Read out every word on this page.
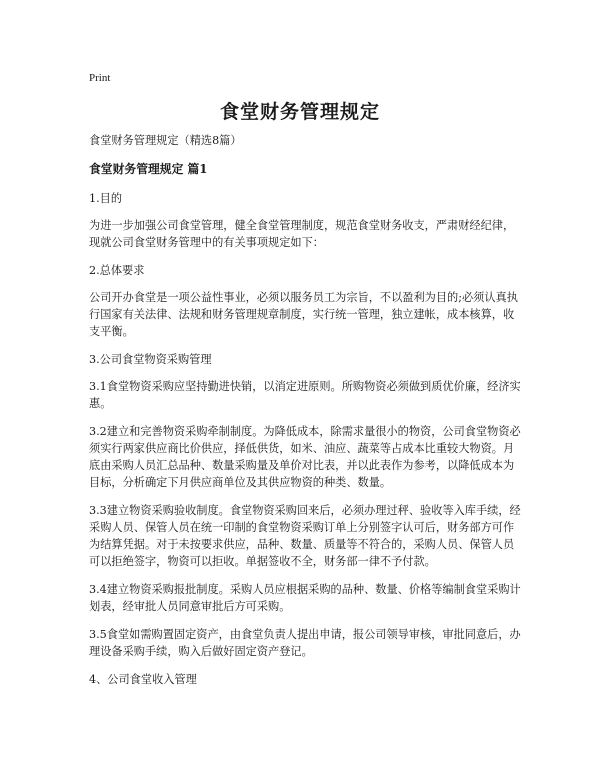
Print
食堂财务管理规定

食堂财务管理规定（精选8篇）

食堂财务管理规定 篇1

1.目的

为进一步加强公司食堂管理，健全食堂管理制度，规范食堂财务收支，严肃财经纪律，现就公司食堂财务管理中的有关事项规定如下：

2.总体要求

公司开办食堂是一项公益性事业，必须以服务员工为宗旨，不以盈利为目的;必须认真执行国家有关法律、法规和财务管理规章制度，实行统一管理，独立建帐，成本核算，收支平衡。

3.公司食堂物资采购管理

3.1食堂物资采购应坚持勤进快销，以消定进原则。所购物资必须做到质优价廉，经济实惠。

3.2建立和完善物资采购牵制制度。为降低成本，除需求量很小的物资，公司食堂物资必须实行两家供应商比价供应，择低供货，如米、油应、蔬菜等占成本比重较大物资。月底由采购人员汇总品种、数量采购量及单价对比表，并以此表作为参考，以降低成本为目标，分析确定下月供应商单位及其供应物资的种类、数量。

3.3建立物资采购验收制度。食堂物资采购回来后，必须办理过秤、验收等入库手续，经采购人员、保管人员在统一印制的食堂物资采购订单上分别签字认可后，财务部方可作为结算凭据。对于未按要求供应，品种、数量、质量等不符合的，采购人员、保管人员可以拒绝签字，物资可以拒收。单据签收不全，财务部一律不予付款。

3.4建立物资采购报批制度。采购人员应根据采购的品种、数量、价格等编制食堂采购计划表，经审批人员同意审批后方可采购。

3.5食堂如需购置固定资产，由食堂负责人提出申请，报公司领导审核，审批同意后，办理设备采购手续，购入后做好固定资产登记。

4、公司食堂收入管理
